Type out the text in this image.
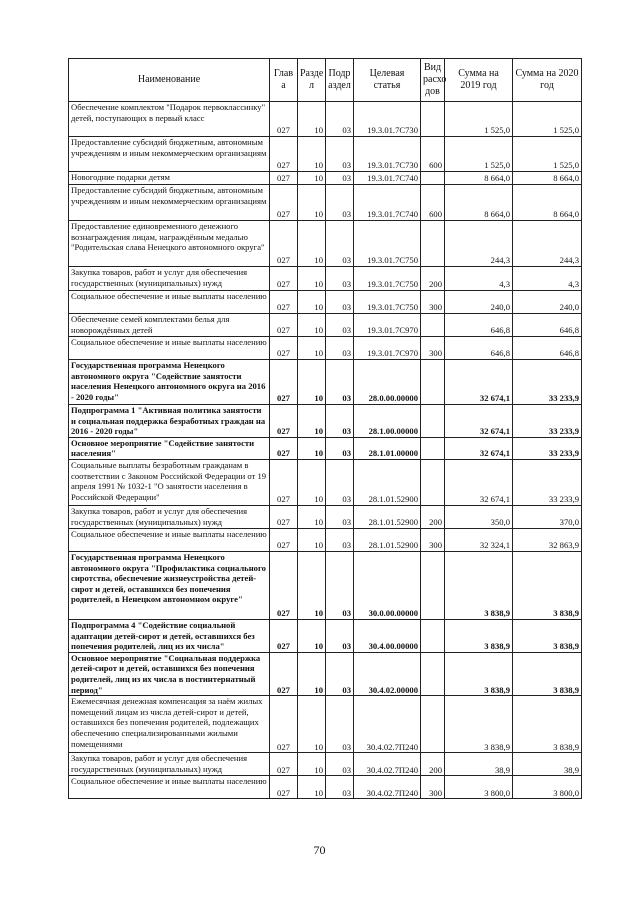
Наименование	Глав а	Разде л	Подр аздел	Целевая статья	Вид расхо дов	Сумма на 2019 год	Сумма на 2020 год
Обеспечение комплектом "Подарок первоклассинку" детей, поступающих в первый класс	027	10	03	19.3.01.7C730		1 525,0	1 525,0
Предоставление субсидий бюджетным, автономным учреждениям и иным некоммерческим организациям	027	10	03	19.3.01.7C730	600	1 525,0	1 525,0
Новогодние подарки детям	027	10	03	19.3.01.7C740		8 664,0	8 664,0
Предоставление субсидий бюджетным, автономным учреждениям и иным некоммерческим организациям	027	10	03	19.3.01.7C740	600	8 664,0	8 664,0
Предоставление единовременного денежного вознаграждения лицам, награждённым медалью "Родительская слава Ненецкого автономного округа"	027	10	03	19.3.01.7C750		244,3	244,3
Закупка товаров, работ и услуг для обеспечения государственных (муниципальных) нужд	027	10	03	19.3.01.7C750	200	4,3	4,3
Социальное обеспечение и иные выплаты населению	027	10	03	19.3.01.7C750	300	240,0	240,0
Обеспечение семей комплектами белья для новорождённых детей	027	10	03	19.3.01.7C970		646,8	646,8
Социальное обеспечение и иные выплаты населению	027	10	03	19.3.01.7C970	300	646,8	646,8
Государственная программа Ненецкого автономного округа "Содействие занятости населения Ненецкого автономного округа на 2016 - 2020 годы"	027	10	03	28.0.00.00000		32 674,1	33 233,9
Подпрограмма 1 "Активная политика занятости и социальная поддержка безработных граждан на 2016 - 2020 годы"	027	10	03	28.1.00.00000		32 674,1	33 233,9
Основное мероприятие "Содействие занятости населения"	027	10	03	28.1.01.00000		32 674,1	33 233,9
Социальные выплаты безработным гражданам в соответствии с Законом Российской Федерации от 19 апреля 1991 № 1032-1 "О занятости населения в Российской Федерации"	027	10	03	28.1.01.52900		32 674,1	33 233,9
Закупка товаров, работ и услуг для обеспечения государственных (муниципальных) нужд	027	10	03	28.1.01.52900	200	350,0	370,0
Социальное обеспечение и иные выплаты населению	027	10	03	28.1.01.52900	300	32 324,1	32 863,9
Государственная программа Ненецкого автономного округа "Профилактика социального сиротства, обеспечение жизнеустройства детей-сирот и детей, оставшихся без попечения родителей, в Ненецком автономном округе"	027	10	03	30.0.00.00000		3 838,9	3 838,9
Подпрограмма 4 "Содействие социальной адаптации детей-сирот и детей, оставшихся без попечения родителей, лиц из их числа"	027	10	03	30.4.00.00000		3 838,9	3 838,9
Основное мероприятие "Социальная поддержка детей-сирот и детей, оставшихся без попечения родителей, лиц из их числа в постинтернатный период"	027	10	03	30.4.02.00000		3 838,9	3 838,9
Ежемесячная денежная компенсация за наём жилых помещений лицам из числа детей-сирот и детей, оставшихся без попечения родителей, подлежащих обеспечению специализированными жилыми помещениями	027	10	03	30.4.02.7П240		3 838,9	3 838,9
Закупка товаров, работ и услуг для обеспечения государственных (муниципальных) нужд	027	10	03	30.4.02.7П240	200	38,9	38,9
Социальное обеспечение и иные выплаты населению	027	10	03	30.4.02.7П240	300	3 800,0	3 800,0
70
